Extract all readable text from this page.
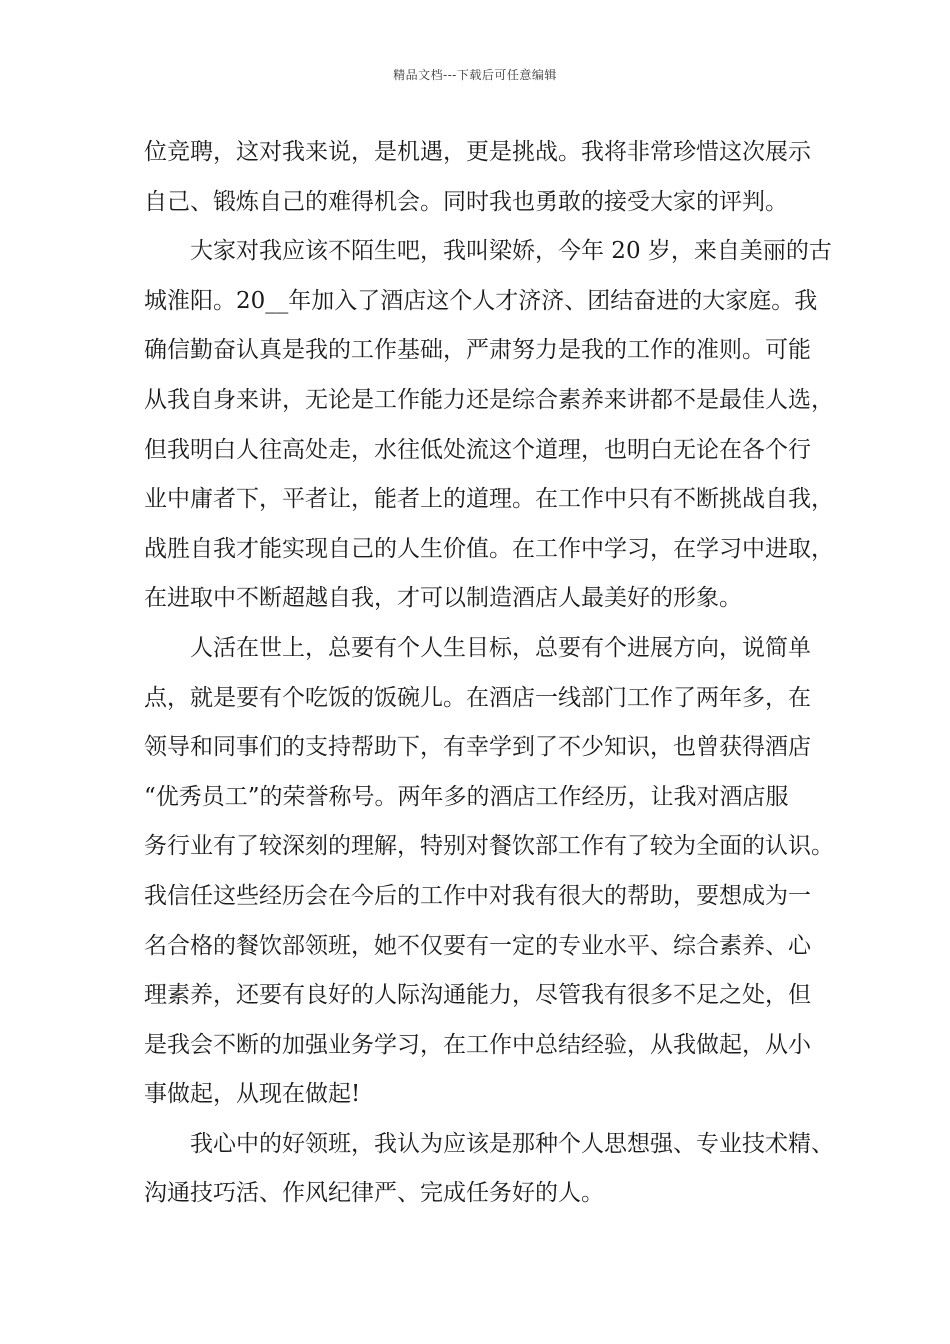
精品文档---下载后可任意编辑

位竞聘，这对我来说，是机遇，更是挑战。我将非常珍惜这次展示
自己、锻炼自己的难得机会。同时我也勇敢的接受大家的评判。

大家对我应该不陌生吧，我叫梁娇，今年 20 岁，来自美丽的古
城淮阳。20__年加入了酒店这个人才济济、团结奋进的大家庭。我
确信勤奋认真是我的工作基础，严肃努力是我的工作的准则。可能
从我自身来讲，无论是工作能力还是综合素养来讲都不是最佳人选，
但我明白人往高处走，水往低处流这个道理，也明白无论在各个行
业中庸者下，平者让，能者上的道理。在工作中只有不断挑战自我，
战胜自我才能实现自己的人生价值。在工作中学习，在学习中进取，
在进取中不断超越自我，才可以制造酒店人最美好的形象。

人活在世上，总要有个人生目标，总要有个进展方向，说简单
点，就是要有个吃饭的饭碗儿。在酒店一线部门工作了两年多，在
领导和同事们的支持帮助下，有幸学到了不少知识，也曾获得酒店
“优秀员工”的荣誉称号。两年多的酒店工作经历，让我对酒店服
务行业有了较深刻的理解，特别对餐饮部工作有了较为全面的认识。
我信任这些经历会在今后的工作中对我有很大的帮助，要想成为一
名合格的餐饮部领班，她不仅要有一定的专业水平、综合素养、心
理素养，还要有良好的人际沟通能力，尽管我有很多不足之处，但
是我会不断的加强业务学习，在工作中总结经验，从我做起，从小
事做起，从现在做起!

我心中的好领班，我认为应该是那种个人思想强、专业技术精、
沟通技巧活、作风纪律严、完成任务好的人。
